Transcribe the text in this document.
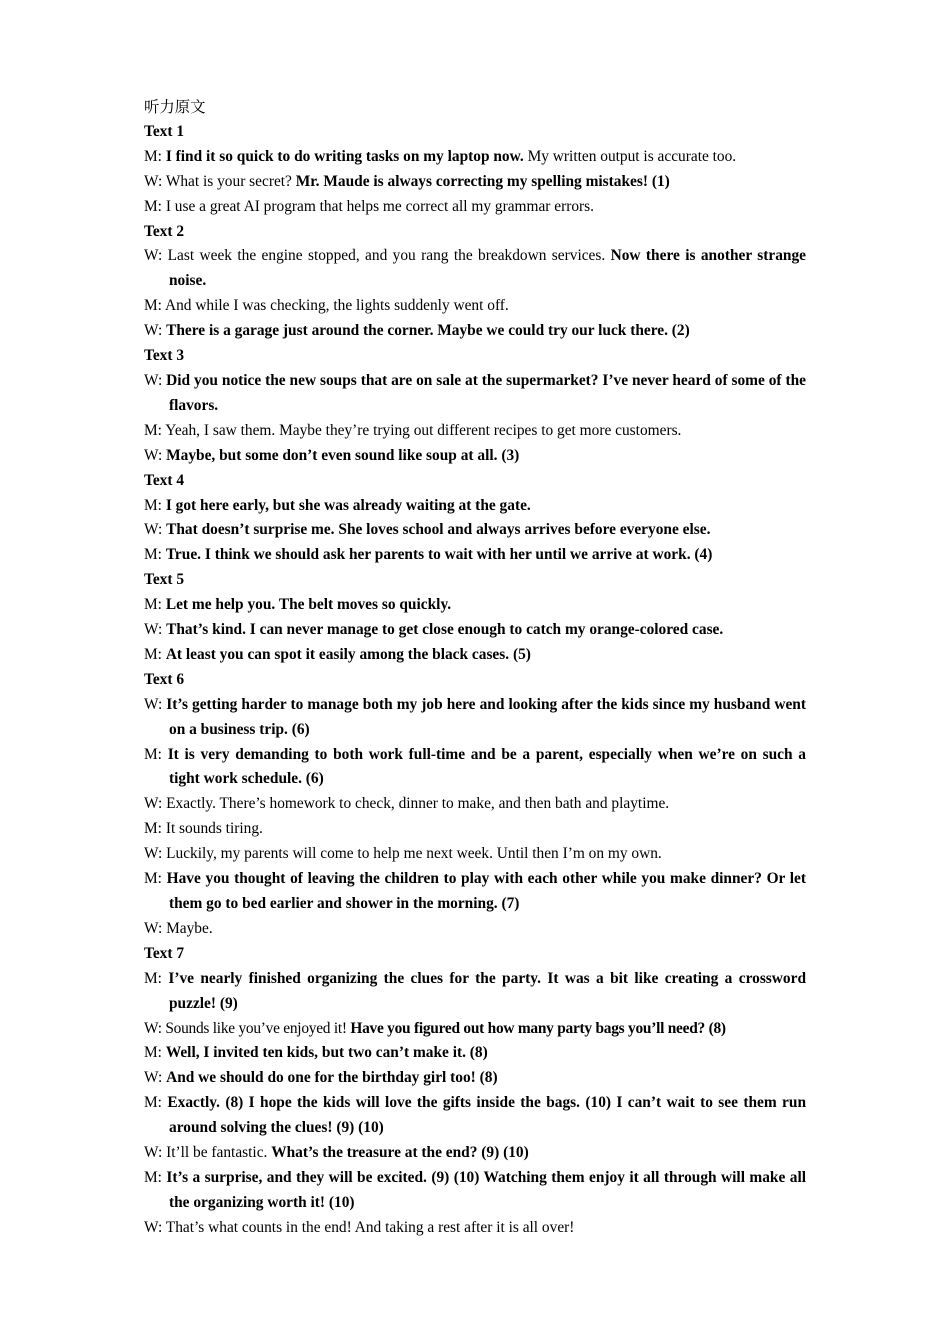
听力原文
Text 1
M: I find it so quick to do writing tasks on my laptop now. My written output is accurate too.
W: What is your secret? Mr. Maude is always correcting my spelling mistakes! (1)
M: I use a great AI program that helps me correct all my grammar errors.
Text 2
W: Last week the engine stopped, and you rang the breakdown services. Now there is another strange noise.
M: And while I was checking, the lights suddenly went off.
W: There is a garage just around the corner. Maybe we could try our luck there. (2)
Text 3
W: Did you notice the new soups that are on sale at the supermarket? I’ve never heard of some of the flavors.
M: Yeah, I saw them. Maybe they’re trying out different recipes to get more customers.
W: Maybe, but some don’t even sound like soup at all. (3)
Text 4
M: I got here early, but she was already waiting at the gate.
W: That doesn’t surprise me. She loves school and always arrives before everyone else.
M: True. I think we should ask her parents to wait with her until we arrive at work. (4)
Text 5
M: Let me help you. The belt moves so quickly.
W: That’s kind. I can never manage to get close enough to catch my orange-colored case.
M: At least you can spot it easily among the black cases. (5)
Text 6
W: It’s getting harder to manage both my job here and looking after the kids since my husband went on a business trip. (6)
M: It is very demanding to both work full-time and be a parent, especially when we’re on such a tight work schedule. (6)
W: Exactly. There’s homework to check, dinner to make, and then bath and playtime.
M: It sounds tiring.
W: Luckily, my parents will come to help me next week. Until then I’m on my own.
M: Have you thought of leaving the children to play with each other while you make dinner? Or let them go to bed earlier and shower in the morning. (7)
W: Maybe.
Text 7
M: I’ve nearly finished organizing the clues for the party. It was a bit like creating a crossword puzzle! (9)
W: Sounds like you’ve enjoyed it! Have you figured out how many party bags you’ll need? (8)
M: Well, I invited ten kids, but two can’t make it. (8)
W: And we should do one for the birthday girl too! (8)
M: Exactly. (8) I hope the kids will love the gifts inside the bags. (10) I can’t wait to see them run around solving the clues! (9) (10)
W: It’ll be fantastic. What’s the treasure at the end? (9) (10)
M: It’s a surprise, and they will be excited. (9) (10) Watching them enjoy it all through will make all the organizing worth it! (10)
W: That’s what counts in the end! And taking a rest after it is all over!
